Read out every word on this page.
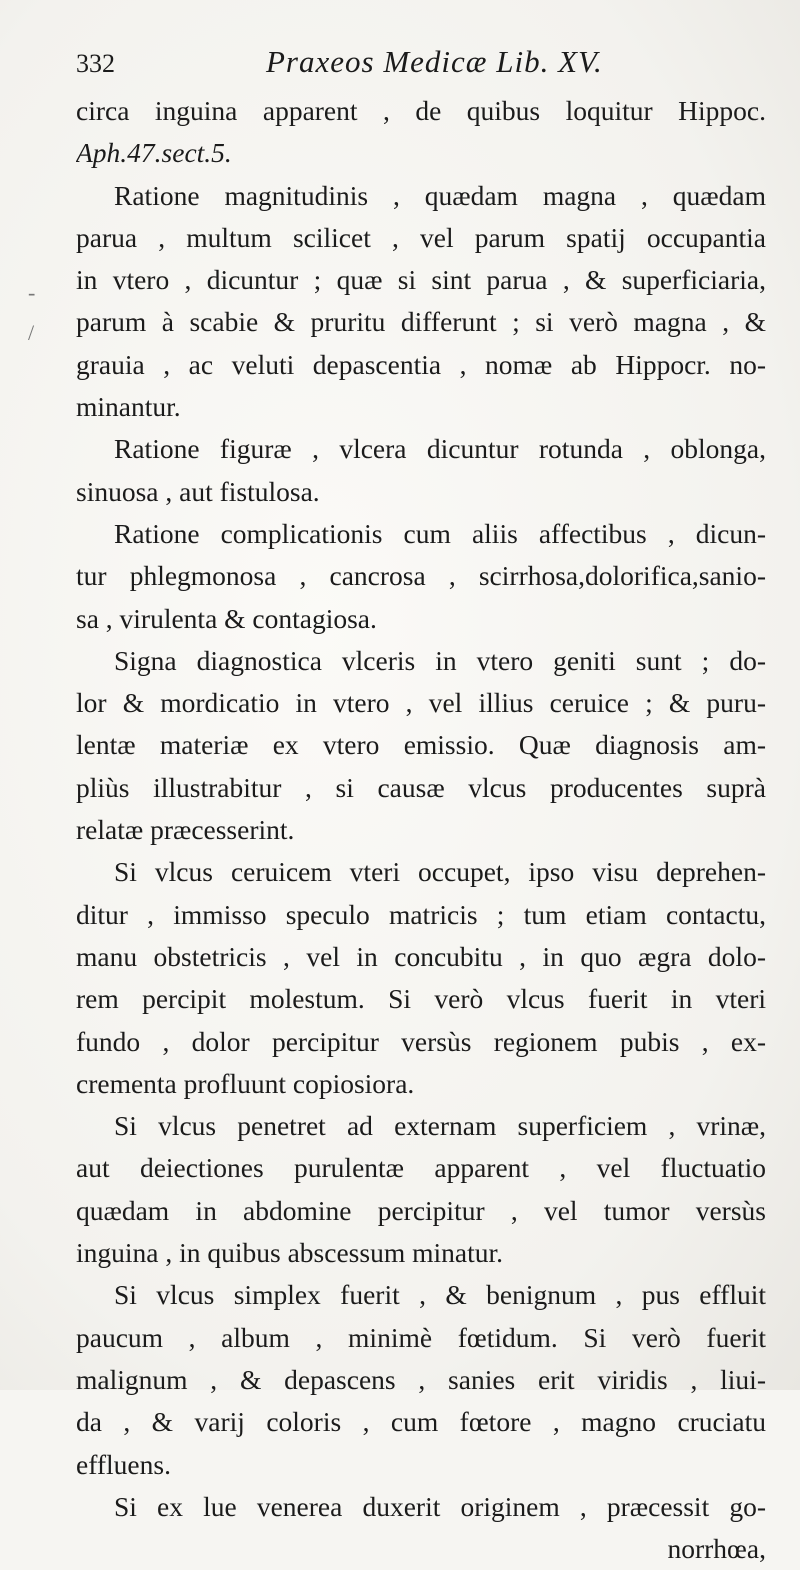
332	Praxeos Medicæ Lib. XV.
circa inguina apparent , de quibus loquitur Hippoc.
Aph.47.sect.5.
Ratione magnitudinis , quædam magna , quædam
parua , multum scilicet , vel parum spatij occupantia
in vtero , dicuntur ; quæ si sint parua , & superficiaria,
parum à scabie & pruritu differunt ; si verò magna , &
grauia , ac veluti depascentia , nomæ ab Hippocr. no-
minantur.
Ratione figuræ , vlcera dicuntur rotunda , oblonga,
sinuosa , aut fistulosa.
Ratione complicationis cum aliis affectibus , dicun-
tur phlegmonosa , cancrosa , scirrhosa,dolorifica,sanio-
sa , virulenta & contagiosa.
Signa diagnostica vlceris in vtero geniti sunt ; do-
lor & mordicatio in vtero , vel illius ceruice ; & puru-
lentæ materiæ ex vtero emissio. Quæ diagnosis am-
pliùs illustrabitur , si causæ vlcus producentes suprà
relatæ præcesserint.
Si vlcus ceruicem vteri occupet, ipso visu deprehen-
ditur , immisso speculo matricis ; tum etiam contactu,
manu obstetricis , vel in concubitu , in quo ægra dolo-
rem percipit molestum. Si verò vlcus fuerit in vteri
fundo , dolor percipitur versùs regionem pubis , ex-
crementa profluunt copiosiora.
Si vlcus penetret ad externam superficiem , vrinæ,
aut deiectiones purulentæ apparent , vel fluctuatio
quædam in abdomine percipitur , vel tumor versùs
inguina , in quibus abscessum minatur.
Si vlcus simplex fuerit , & benignum , pus effluit
paucum , album , minimè fœtidum. Si verò fuerit
malignum , & depascens , sanies erit viridis , liui-
da , & varij coloris , cum fœtore , magno cruciatu
effluens.
Si ex lue venerea duxerit originem , præcessit go-
norrhœa,
-
/
